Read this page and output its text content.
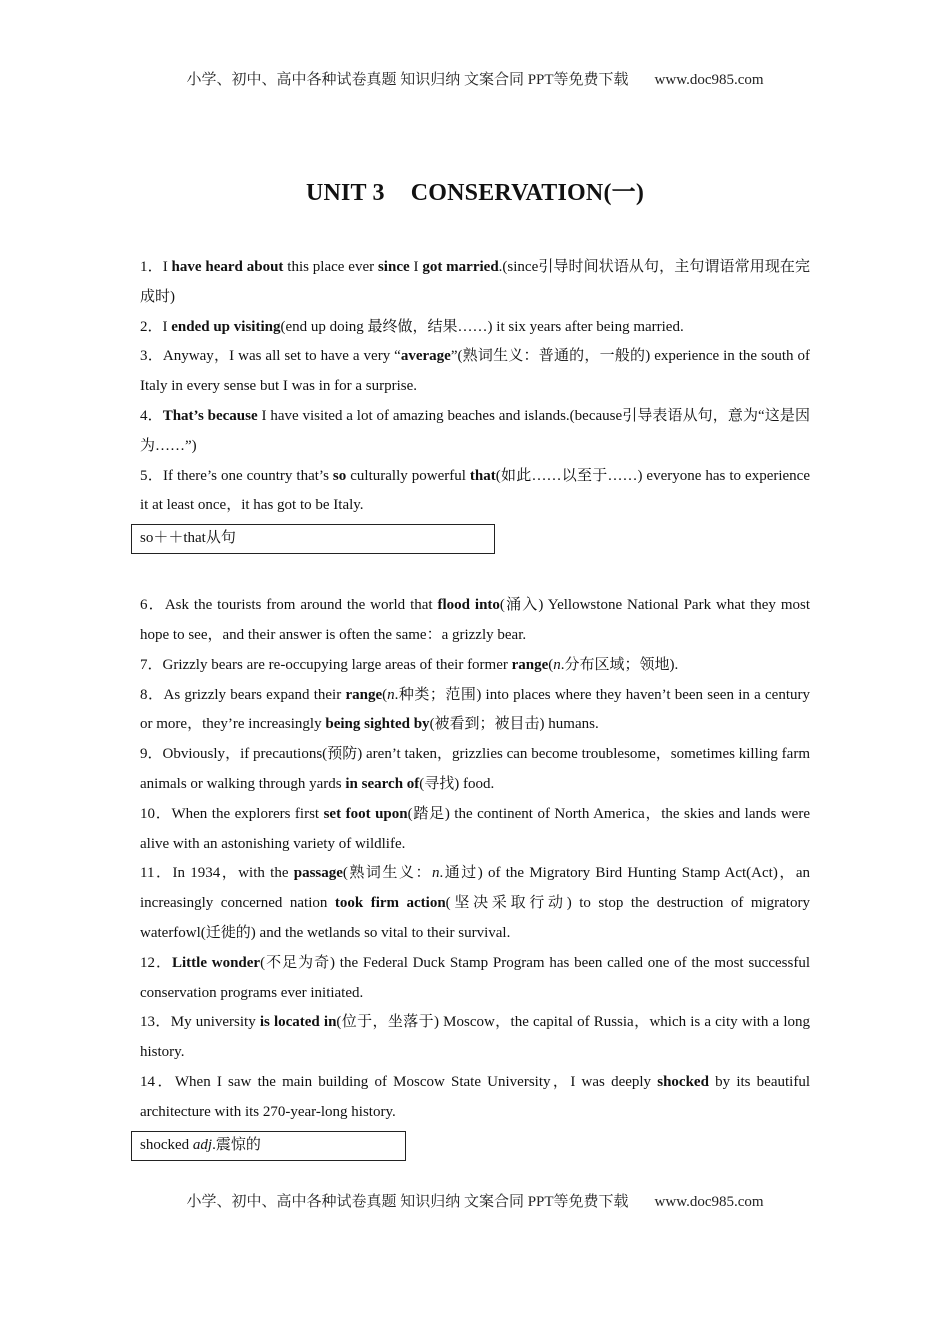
小学、初中、高中各种试卷真题 知识归纳 文案合同 PPT等免费下载 www.doc985.com
UNIT 3 CONSERVATION(一)

1．I have heard about this place ever since I got married.(since引导时间状语从句，主句谓语常用现在完成时)

2．I ended up visiting(end up doing 最终做，结果……) it six years after being married.

3．Anyway，I was all set to have a very “average”(熟词生义：普通的，一般的) experience in the south of Italy in every sense but I was in for a surprise.

4．That’s because I have visited a lot of amazing beaches and islands.(because引导表语从句，意为“这是因为……”)

5．If there’s one country that’s so culturally powerful that(如此……以至于……) everyone has to experience it at least once，it has got to be Italy.

so＋＋that从句

6．Ask the tourists from around the world that flood into(涌入) Yellowstone National Park what they most hope to see，and their answer is often the same：a grizzly bear.

7．Grizzly bears are re-occupying large areas of their former range(n.分布区域；领地).

8．As grizzly bears expand their range(n.种类；范围) into places where they haven’t been seen in a century or more，they’re increasingly being sighted by(被看到；被目击) humans.

9．Obviously，if precautions(预防) aren’t taken，grizzlies can become troublesome，sometimes killing farm animals or walking through yards in search of(寻找) food.

10．When the explorers first set foot upon(踏足) the continent of North America，the skies and lands were alive with an astonishing variety of wildlife.

11．In 1934，with the passage(熟词生义：n.通过) of the Migratory Bird Hunting Stamp Act(Act)，an increasingly concerned nation took firm action(坚决采取行动) to stop the destruction of migratory waterfowl(迁徙的) and the wetlands so vital to their survival.

12．Little wonder(不足为奇) the Federal Duck Stamp Program has been called one of the most successful conservation programs ever initiated.

13．My university is located in(位于，坐落于) Moscow，the capital of Russia，which is a city with a long history.

14．When I saw the main building of Moscow State University，I was deeply shocked by its beautiful architecture with its 270-year-long history.

shocked adj.震惊的
小学、初中、高中各种试卷真题 知识归纳 文案合同 PPT等免费下载 www.doc985.com
